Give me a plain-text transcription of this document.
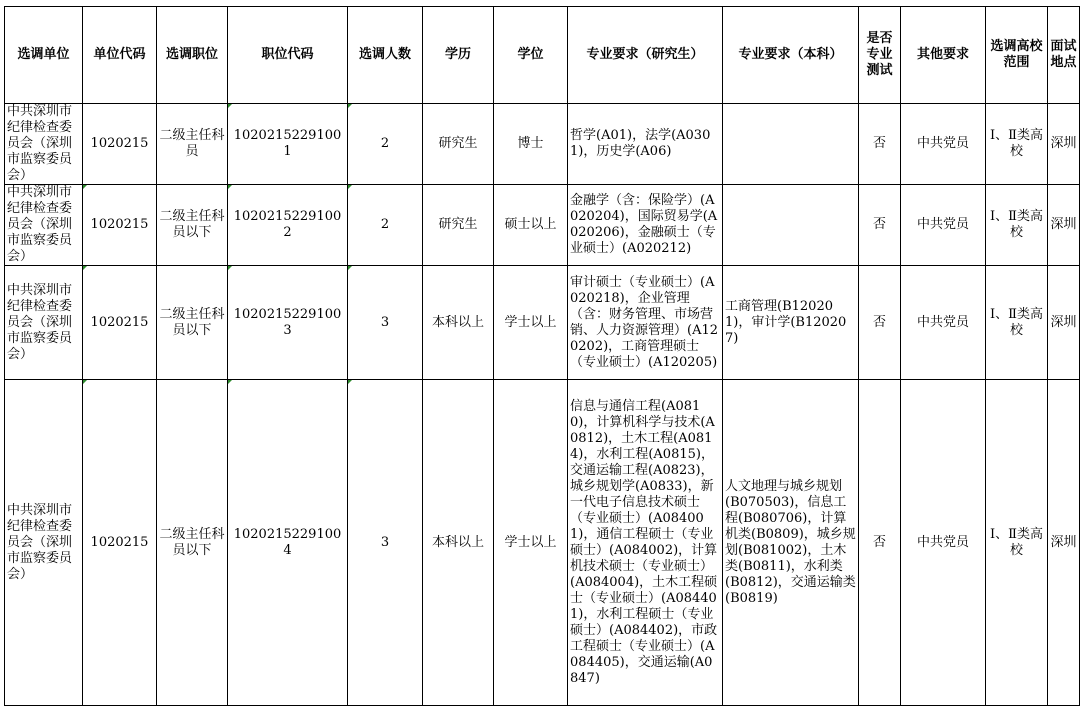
选调单位	单位代码	选调职位	职位代码	选调人数	学历	学位	专业要求（研究生）	专业要求（本科）	是否专业测试	其他要求	选调高校范围	面试地点
中共深圳市纪律检查委员会（深圳市监察委员会）	1020215	二级主任科员	10202152291001	2	研究生	博士	哲学(A01)，法学(A0301)，历史学(A06)		否	中共党员	Ⅰ、Ⅱ类高校	深圳
中共深圳市纪律检查委员会（深圳市监察委员会）	1020215	二级主任科员以下	10202152291002	2	研究生	硕士以上	金融学（含：保险学）(A020204)，国际贸易学(A020206)，金融硕士（专业硕士）(A020212)		否	中共党员	Ⅰ、Ⅱ类高校	深圳
中共深圳市纪律检查委员会（深圳市监察委员会）	1020215	二级主任科员以下	10202152291003	3	本科以上	学士以上	审计硕士（专业硕士）(A020218)，企业管理（含：财务管理、市场营销、人力资源管理）(A120202)，工商管理硕士（专业硕士）(A120205)	工商管理(B120201)，审计学(B120207)	否	中共党员	Ⅰ、Ⅱ类高校	深圳
中共深圳市纪律检查委员会（深圳市监察委员会）	1020215	二级主任科员以下	10202152291004	3	本科以上	学士以上	信息与通信工程(A0810)，计算机科学与技术(A0812)，土木工程(A0814)，水利工程(A0815)，交通运输工程(A0823)，城乡规划学(A0833)，新一代电子信息技术硕士（专业硕士）(A084001)，通信工程硕士（专业硕士）(A084002)，计算机技术硕士（专业硕士）(A084004)，土木工程硕士（专业硕士）(A084401)，水利工程硕士（专业硕士）(A084402)，市政工程硕士（专业硕士）(A084405)，交通运输(A0847)	人文地理与城乡规划(B070503)，信息工程(B080706)，计算机类(B0809)，城乡规划(B081002)，土木类(B0811)，水利类(B0812)，交通运输类(B0819)	否	中共党员	Ⅰ、Ⅱ类高校	深圳
